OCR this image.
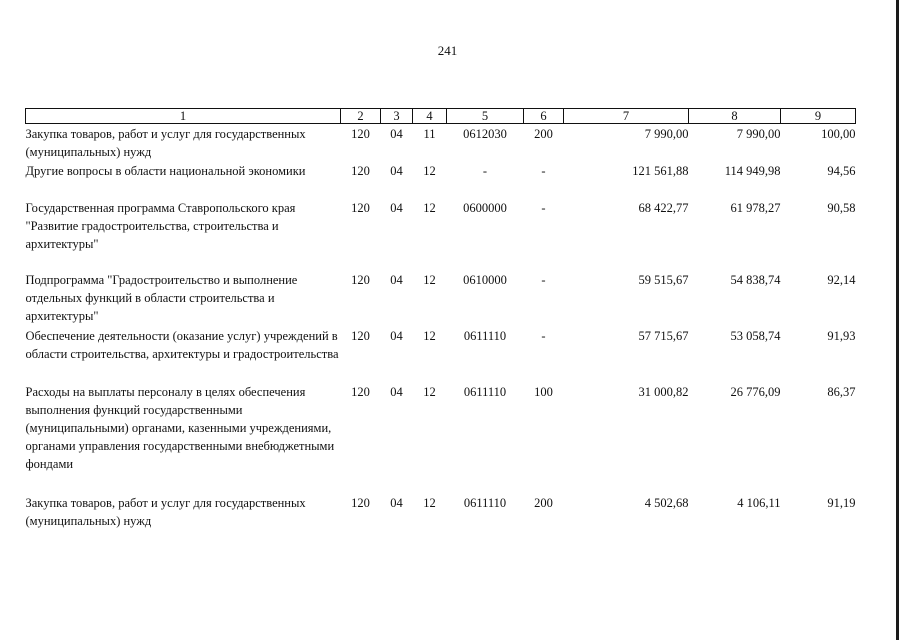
241
1	2	3	4	5	6	7	8	9
Закупка товаров, работ и услуг для государственных (муниципальных) нужд	120	04	11	0612030	200	7 990,00	7 990,00	100,00
Другие вопросы в области национальной экономики	120	04	12	-	-	121 561,88	114 949,98	94,56
Государственная программа Ставропольского края "Развитие градостроительства, строительства и архитектуры"	120	04	12	0600000	-	68 422,77	61 978,27	90,58
Подпрограмма "Градостроительство и выполнение отдельных функций в области строительства и архитектуры"	120	04	12	0610000	-	59 515,67	54 838,74	92,14
Обеспечение деятельности (оказание услуг) учреждений в области строительства, архитектуры и градостроительства	120	04	12	0611110	-	57 715,67	53 058,74	91,93
Расходы на выплаты персоналу в целях обеспечения выполнения функций государственными (муниципальными) органами, казенными учреждениями, органами управления государственными внебюджетными фондами	120	04	12	0611110	100	31 000,82	26 776,09	86,37
Закупка товаров, работ и услуг для государственных (муниципальных) нужд	120	04	12	0611110	200	4 502,68	4 106,11	91,19
